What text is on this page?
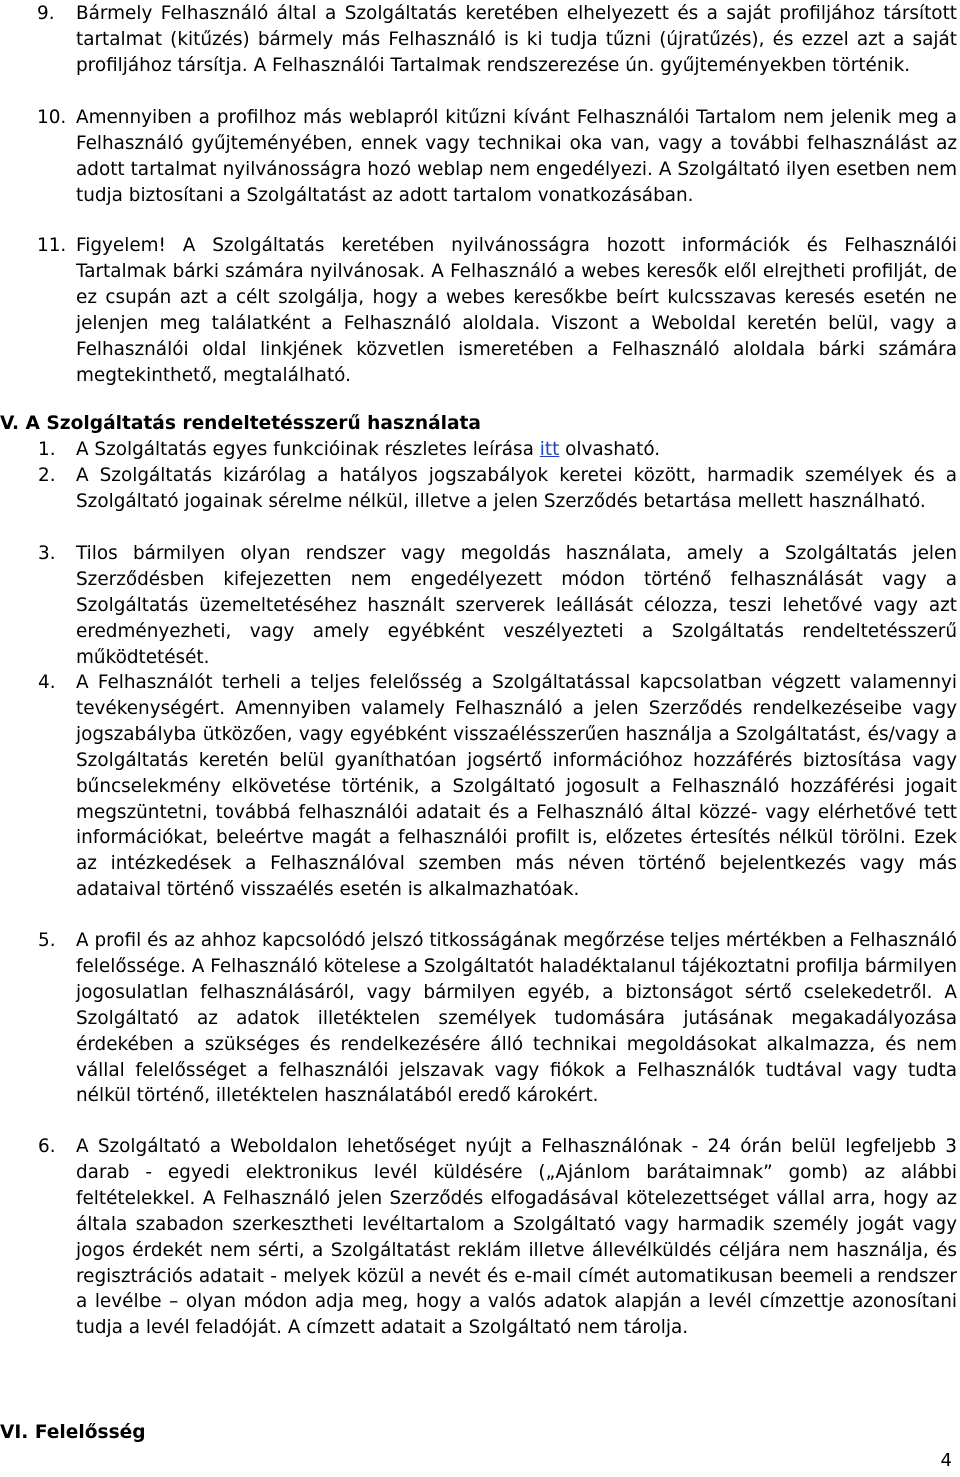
9. Bármely Felhasználó által a Szolgáltatás keretében elhelyezett és a saját profiljához társított tartalmat (kitűzés) bármely más Felhasználó is ki tudja tűzni (újratűzés), és ezzel azt a saját profiljához társítja. A Felhasználói Tartalmak rendszerezése ún. gyűjteményekben történik.

10. Amennyiben a profilhoz más weblapról kitűzni kívánt Felhasználói Tartalom nem jelenik meg a Felhasználó gyűjteményében, ennek vagy technikai oka van, vagy a további felhasználást az adott tartalmat nyilvánosságra hozó weblap nem engedélyezi. A Szolgáltató ilyen esetben nem tudja biztosítani a Szolgáltatást az adott tartalom vonatkozásában.

11. Figyelem! A Szolgáltatás keretében nyilvánosságra hozott információk és Felhasználói Tartalmak bárki számára nyilvánosak. A Felhasználó a webes keresők elől elrejtheti profilját, de ez csupán azt a célt szolgálja, hogy a webes keresőkbe beírt kulcsszavas keresés esetén ne jelenjen meg találatként a Felhasználó aloldala. Viszont a Weboldal keretén belül, vagy a Felhasználói oldal linkjének közvetlen ismeretében a Felhasználó aloldala bárki számára megtekinthető, megtalálható.

V. A Szolgáltatás rendeltetésszerű használata
1. A Szolgáltatás egyes funkcióinak részletes leírása itt olvasható.

2. A Szolgáltatás kizárólag a hatályos jogszabályok keretei között, harmadik személyek és a Szolgáltató jogainak sérelme nélkül, illetve a jelen Szerződés betartása mellett használható.

3. Tilos bármilyen olyan rendszer vagy megoldás használata, amely a Szolgáltatás jelen Szerződésben kifejezetten nem engedélyezett módon történő felhasználását vagy a Szolgáltatás üzemeltetéséhez használt szerverek leállását célozza, teszi lehetővé vagy azt eredményezheti, vagy amely egyébként veszélyezteti a Szolgáltatás rendeltetésszerű működtetését.

4. A Felhasználót terheli a teljes felelősség a Szolgáltatással kapcsolatban végzett valamennyi tevékenységért. Amennyiben valamely Felhasználó a jelen Szerződés rendelkezéseibe vagy jogszabályba ütközően, vagy egyébként visszaélésszerűen használja a Szolgáltatást, és/vagy a Szolgáltatás keretén belül gyaníthatóan jogsértő információhoz hozzáférés biztosítása vagy bűncselekmény elkövetése történik, a Szolgáltató jogosult a Felhasználó hozzáférési jogait megszüntetni, továbbá felhasználói adatait és a Felhasználó által közzé- vagy elérhetővé tett információkat, beleértve magát a felhasználói profilt is, előzetes értesítés nélkül törölni. Ezek az intézkedések a Felhasználóval szemben más néven történő bejelentkezés vagy más adataival történő visszaélés esetén is alkalmazhatóak.

5. A profil és az ahhoz kapcsolódó jelszó titkosságának megőrzése teljes mértékben a Felhasználó felelőssége. A Felhasználó kötelese a Szolgáltatót haladéktalanul tájékoztatni profilja bármilyen jogosulatlan felhasználásáról, vagy bármilyen egyéb, a biztonságot sértő cselekedetről. A Szolgáltató az adatok illetéktelen személyek tudomására jutásának megakadályozása érdekében a szükséges és rendelkezésére álló technikai megoldásokat alkalmazza, és nem vállal felelősséget a felhasználói jelszavak vagy fiókok a Felhasználók tudtával vagy tudta nélkül történő, illetéktelen használatából eredő károkért.

6. A Szolgáltató a Weboldalon lehetőséget nyújt a Felhasználónak - 24 órán belül legfeljebb 3 darab - egyedi elektronikus levél küldésére („Ajánlom barátaimnak” gomb) az alábbi feltételekkel. A Felhasználó jelen Szerződés elfogadásával kötelezettséget vállal arra, hogy az általa szabadon szerkesztheti levéltartalom a Szolgáltató vagy harmadik személy jogát vagy jogos érdekét nem sérti, a Szolgáltatást reklám illetve állevélküldés céljára nem használja, és regisztrációs adatait - melyek közül a nevét és e-mail címét automatikusan beemeli a rendszer a levélbe – olyan módon adja meg, hogy a valós adatok alapján a levél címzettje azonosítani tudja a levél feladóját. A címzett adatait a Szolgáltató nem tárolja.

VI. Felelősség
4
